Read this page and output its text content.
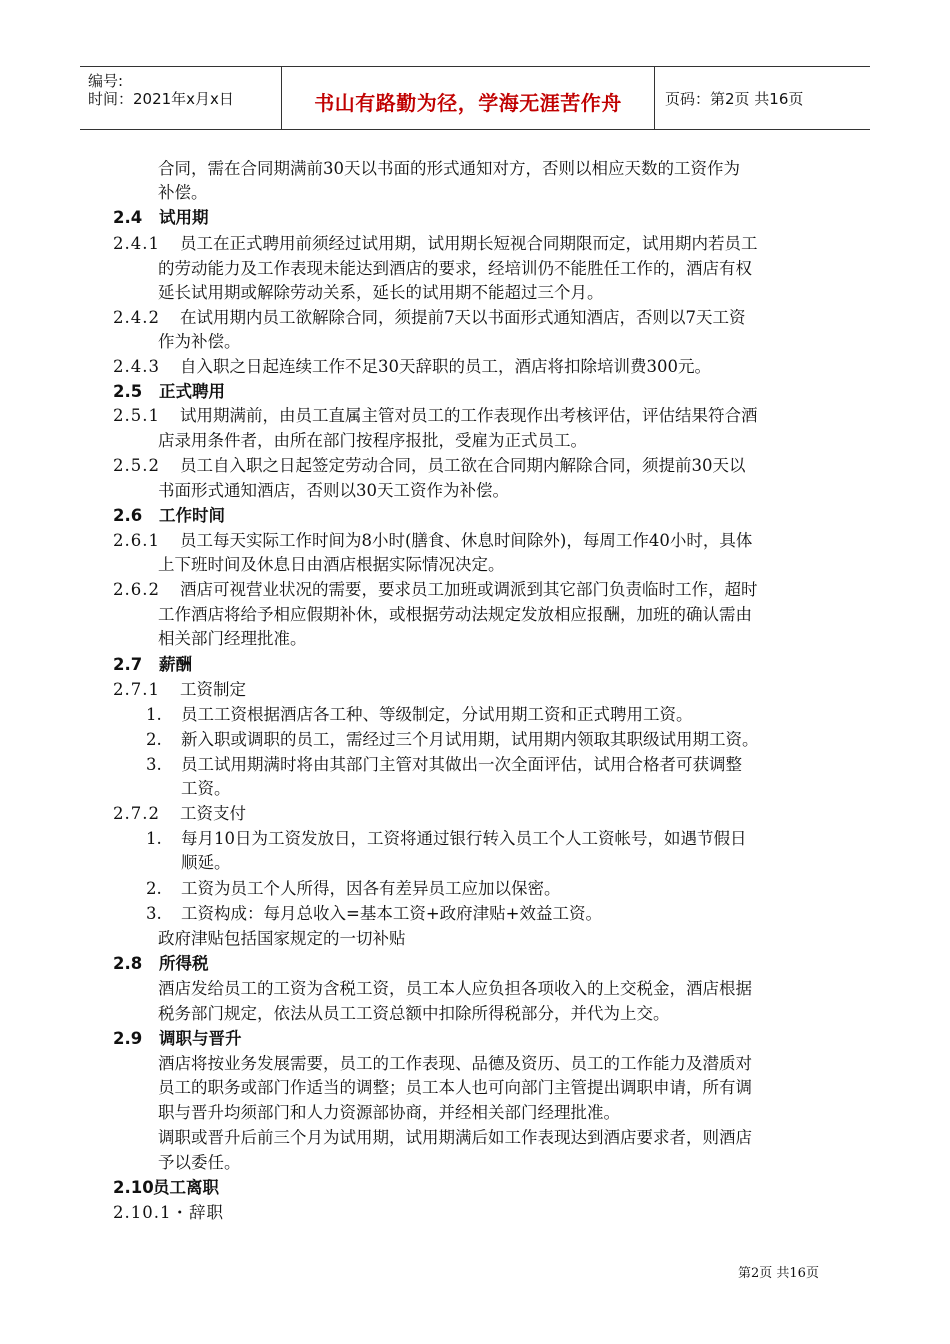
编号:
时间：2021年x月x日	书山有路勤为径，学海无涯苦作舟	页码：第2页 共16页
合同，需在合同期满前30天以书面的形式通知对方，否则以相应天数的工资作为
补偿。
2.4 试用期
2.4.1 员工在正式聘用前须经过试用期，试用期长短视合同期限而定，试用期内若员工
的劳动能力及工作表现未能达到酒店的要求，经培训仍不能胜任工作的，酒店有权
延长试用期或解除劳动关系，延长的试用期不能超过三个月。
2.4.2 在试用期内员工欲解除合同，须提前7天以书面形式通知酒店，否则以7天工资
作为补偿。
2.4.3 自入职之日起连续工作不足30天辞职的员工，酒店将扣除培训费300元。
2.5 正式聘用
2.5.1 试用期满前，由员工直属主管对员工的工作表现作出考核评估，评估结果符合酒
店录用条件者，由所在部门按程序报批，受雇为正式员工。
2.5.2 员工自入职之日起签定劳动合同，员工欲在合同期内解除合同，须提前30天以
书面形式通知酒店，否则以30天工资作为补偿。
2.6 工作时间
2.6.1 员工每天实际工作时间为8小时(膳食、休息时间除外)，每周工作40小时，具体
上下班时间及休息日由酒店根据实际情况决定。
2.6.2 酒店可视营业状况的需要，要求员工加班或调派到其它部门负责临时工作，超时
工作酒店将给予相应假期补休，或根据劳动法规定发放相应报酬，加班的确认需由
相关部门经理批准。
2.7 薪酬
2.7.1 工资制定
1. 员工工资根据酒店各工种、等级制定，分试用期工资和正式聘用工资。
2. 新入职或调职的员工，需经过三个月试用期，试用期内领取其职级试用期工资。
3. 员工试用期满时将由其部门主管对其做出一次全面评估，试用合格者可获调整
工资。
2.7.2 工资支付
1. 每月10日为工资发放日，工资将通过银行转入员工个人工资帐号，如遇节假日
顺延。
2. 工资为员工个人所得，因各有差异员工应加以保密。
3. 工资构成：每月总收入=基本工资+政府津贴+效益工资。
政府津贴包括国家规定的一切补贴
2.8 所得税
酒店发给员工的工资为含税工资，员工本人应负担各项收入的上交税金，酒店根据
税务部门规定，依法从员工工资总额中扣除所得税部分，并代为上交。
2.9 调职与晋升
酒店将按业务发展需要，员工的工作表现、品德及资历、员工的工作能力及潜质对
员工的职务或部门作适当的调整；员工本人也可向部门主管提出调职申请，所有调
职与晋升均须部门和人力资源部协商，并经相关部门经理批准。
调职或晋升后前三个月为试用期，试用期满后如工作表现达到酒店要求者，则酒店
予以委任。
2.10员工离职
2.10.1・辞职
第2页 共16页
